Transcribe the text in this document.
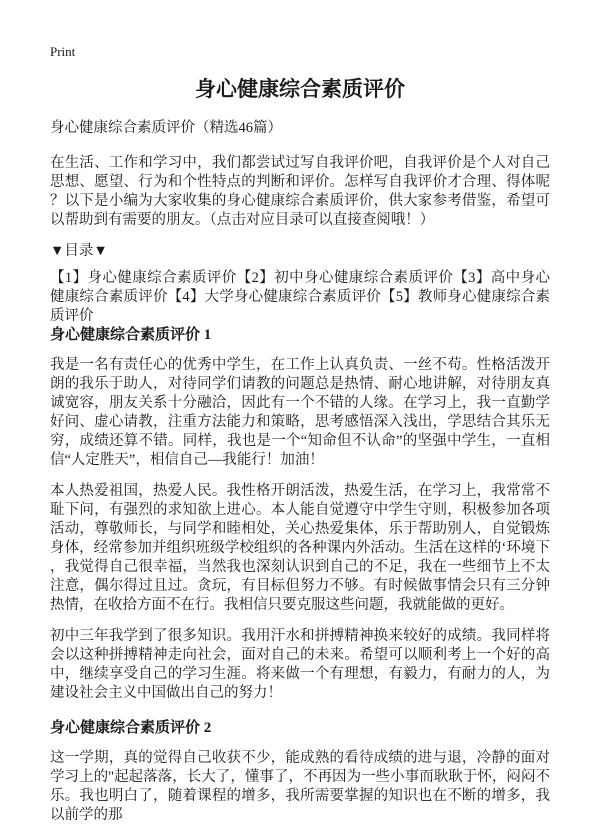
Print
身心健康综合素质评价

身心健康综合素质评价（精选46篇）

在生活、工作和学习中，我们都尝试过写自我评价吧，自我评价是个人对自己思想、愿望、行为和个性特点的判断和评价。怎样写自我评价才合理、得体呢？以下是小编为大家收集的身心健康综合素质评价，供大家参考借鉴，希望可以帮助到有需要的朋友。（点击对应目录可以直接查阅哦！）

▼目录▼

【1】身心健康综合素质评价【2】初中身心健康综合素质评价【3】高中身心健康综合素质评价【4】大学身心健康综合素质评价【5】教师身心健康综合素质评价

身心健康综合素质评价 1

我是一名有责任心的优秀中学生，在工作上认真负责、一丝不苟。性格活泼开朗的我乐于助人，对待同学们请教的问题总是热情、耐心地讲解，对待朋友真诚宽容，朋友关系十分融洽，因此有一个不错的人缘。在学习上，我一直勤学好问、虚心请教，注重方法能力和策略，思考感悟深入浅出，学思结合其乐无穷，成绩还算不错。同样，我也是一个“知命但不认命”的坚强中学生，一直相信“人定胜天”，相信自己—我能行！加油！

本人热爱祖国，热爱人民。我性格开朗活泼，热爱生活，在学习上，我常常不耻下问，有强烈的求知欲上进心。本人能自觉遵守中学生守则，积极参加各项活动，尊敬师长，与同学和睦相处，关心热爱集体，乐于帮助别人，自觉锻炼身体，经常参加并组织班级学校组织的各种课内外活动。生活在这样的‘环境下，我觉得自己很幸福，当然我也深刻认识到自己的不足，我在一些细节上不太注意，偶尔得过且过。贪玩，有目标但努力不够。有时候做事情会只有三分钟热情，在收拾方面不在行。我相信只要克服这些问题，我就能做的更好。

初中三年我学到了很多知识。我用汗水和拼搏精神换来较好的成绩。我同样将会以这种拼搏精神走向社会，面对自己的未来。希望可以顺利考上一个好的高中，继续享受自己的学习生涯。将来做一个有理想，有毅力，有耐力的人，为建设社会主义中国做出自己的努力！

身心健康综合素质评价 2

这一学期，真的觉得自己收获不少，能成熟的看待成绩的进与退，冷静的面对学习上的"起起落落，长大了，懂事了，不再因为一些小事而耿耿于怀，闷闷不乐。我也明白了，随着课程的增多，我所需要掌握的知识也在不断的增多，我以前学的那
